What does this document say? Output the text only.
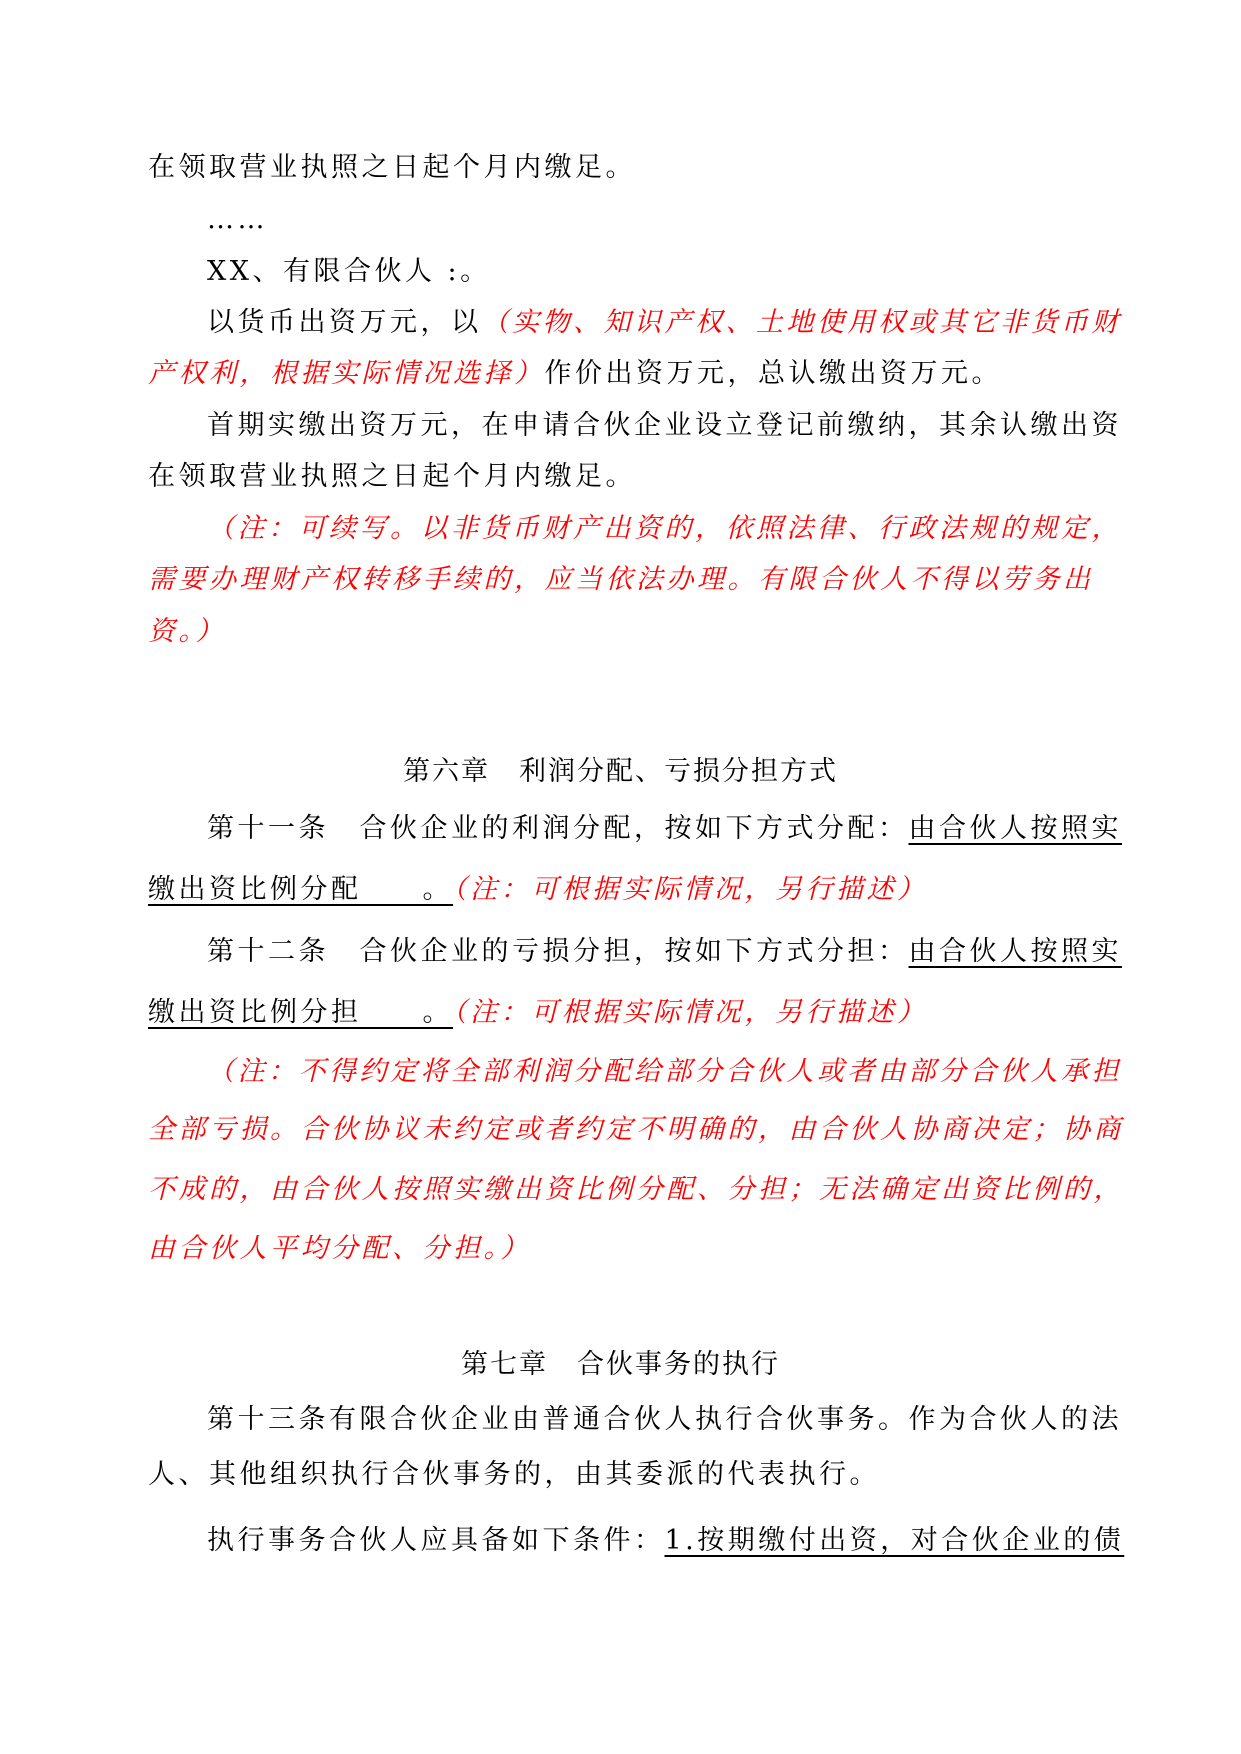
在领取营业执照之日起个月内缴足。
……
XX、有限合伙人 :。
以货币出资万元，以（实物、知识产权、土地使用权或其它非货币财
产权利，根据实际情况选择）作价出资万元，总认缴出资万元。
首期实缴出资万元，在申请合伙企业设立登记前缴纳，其余认缴出资
在领取营业执照之日起个月内缴足。
（注：可续写。以非货币财产出资的，依照法律、行政法规的规定，
需要办理财产权转移手续的，应当依法办理。有限合伙人不得以劳务出
资。）
第六章　利润分配、亏损分担方式
第十一条　合伙企业的利润分配，按如下方式分配：由合伙人按照实
缴出资比例分配　　。（注：可根据实际情况，另行描述）
第十二条　合伙企业的亏损分担，按如下方式分担：由合伙人按照实
缴出资比例分担　　。（注：可根据实际情况，另行描述）
（注：不得约定将全部利润分配给部分合伙人或者由部分合伙人承担
全部亏损。合伙协议未约定或者约定不明确的，由合伙人协商决定；协商
不成的，由合伙人按照实缴出资比例分配、分担；无法确定出资比例的，
由合伙人平均分配、分担。）
第七章　合伙事务的执行
第十三条有限合伙企业由普通合伙人执行合伙事务。作为合伙人的法
人、其他组织执行合伙事务的，由其委派的代表执行。
执行事务合伙人应具备如下条件：1.按期缴付出资，对合伙企业的债
